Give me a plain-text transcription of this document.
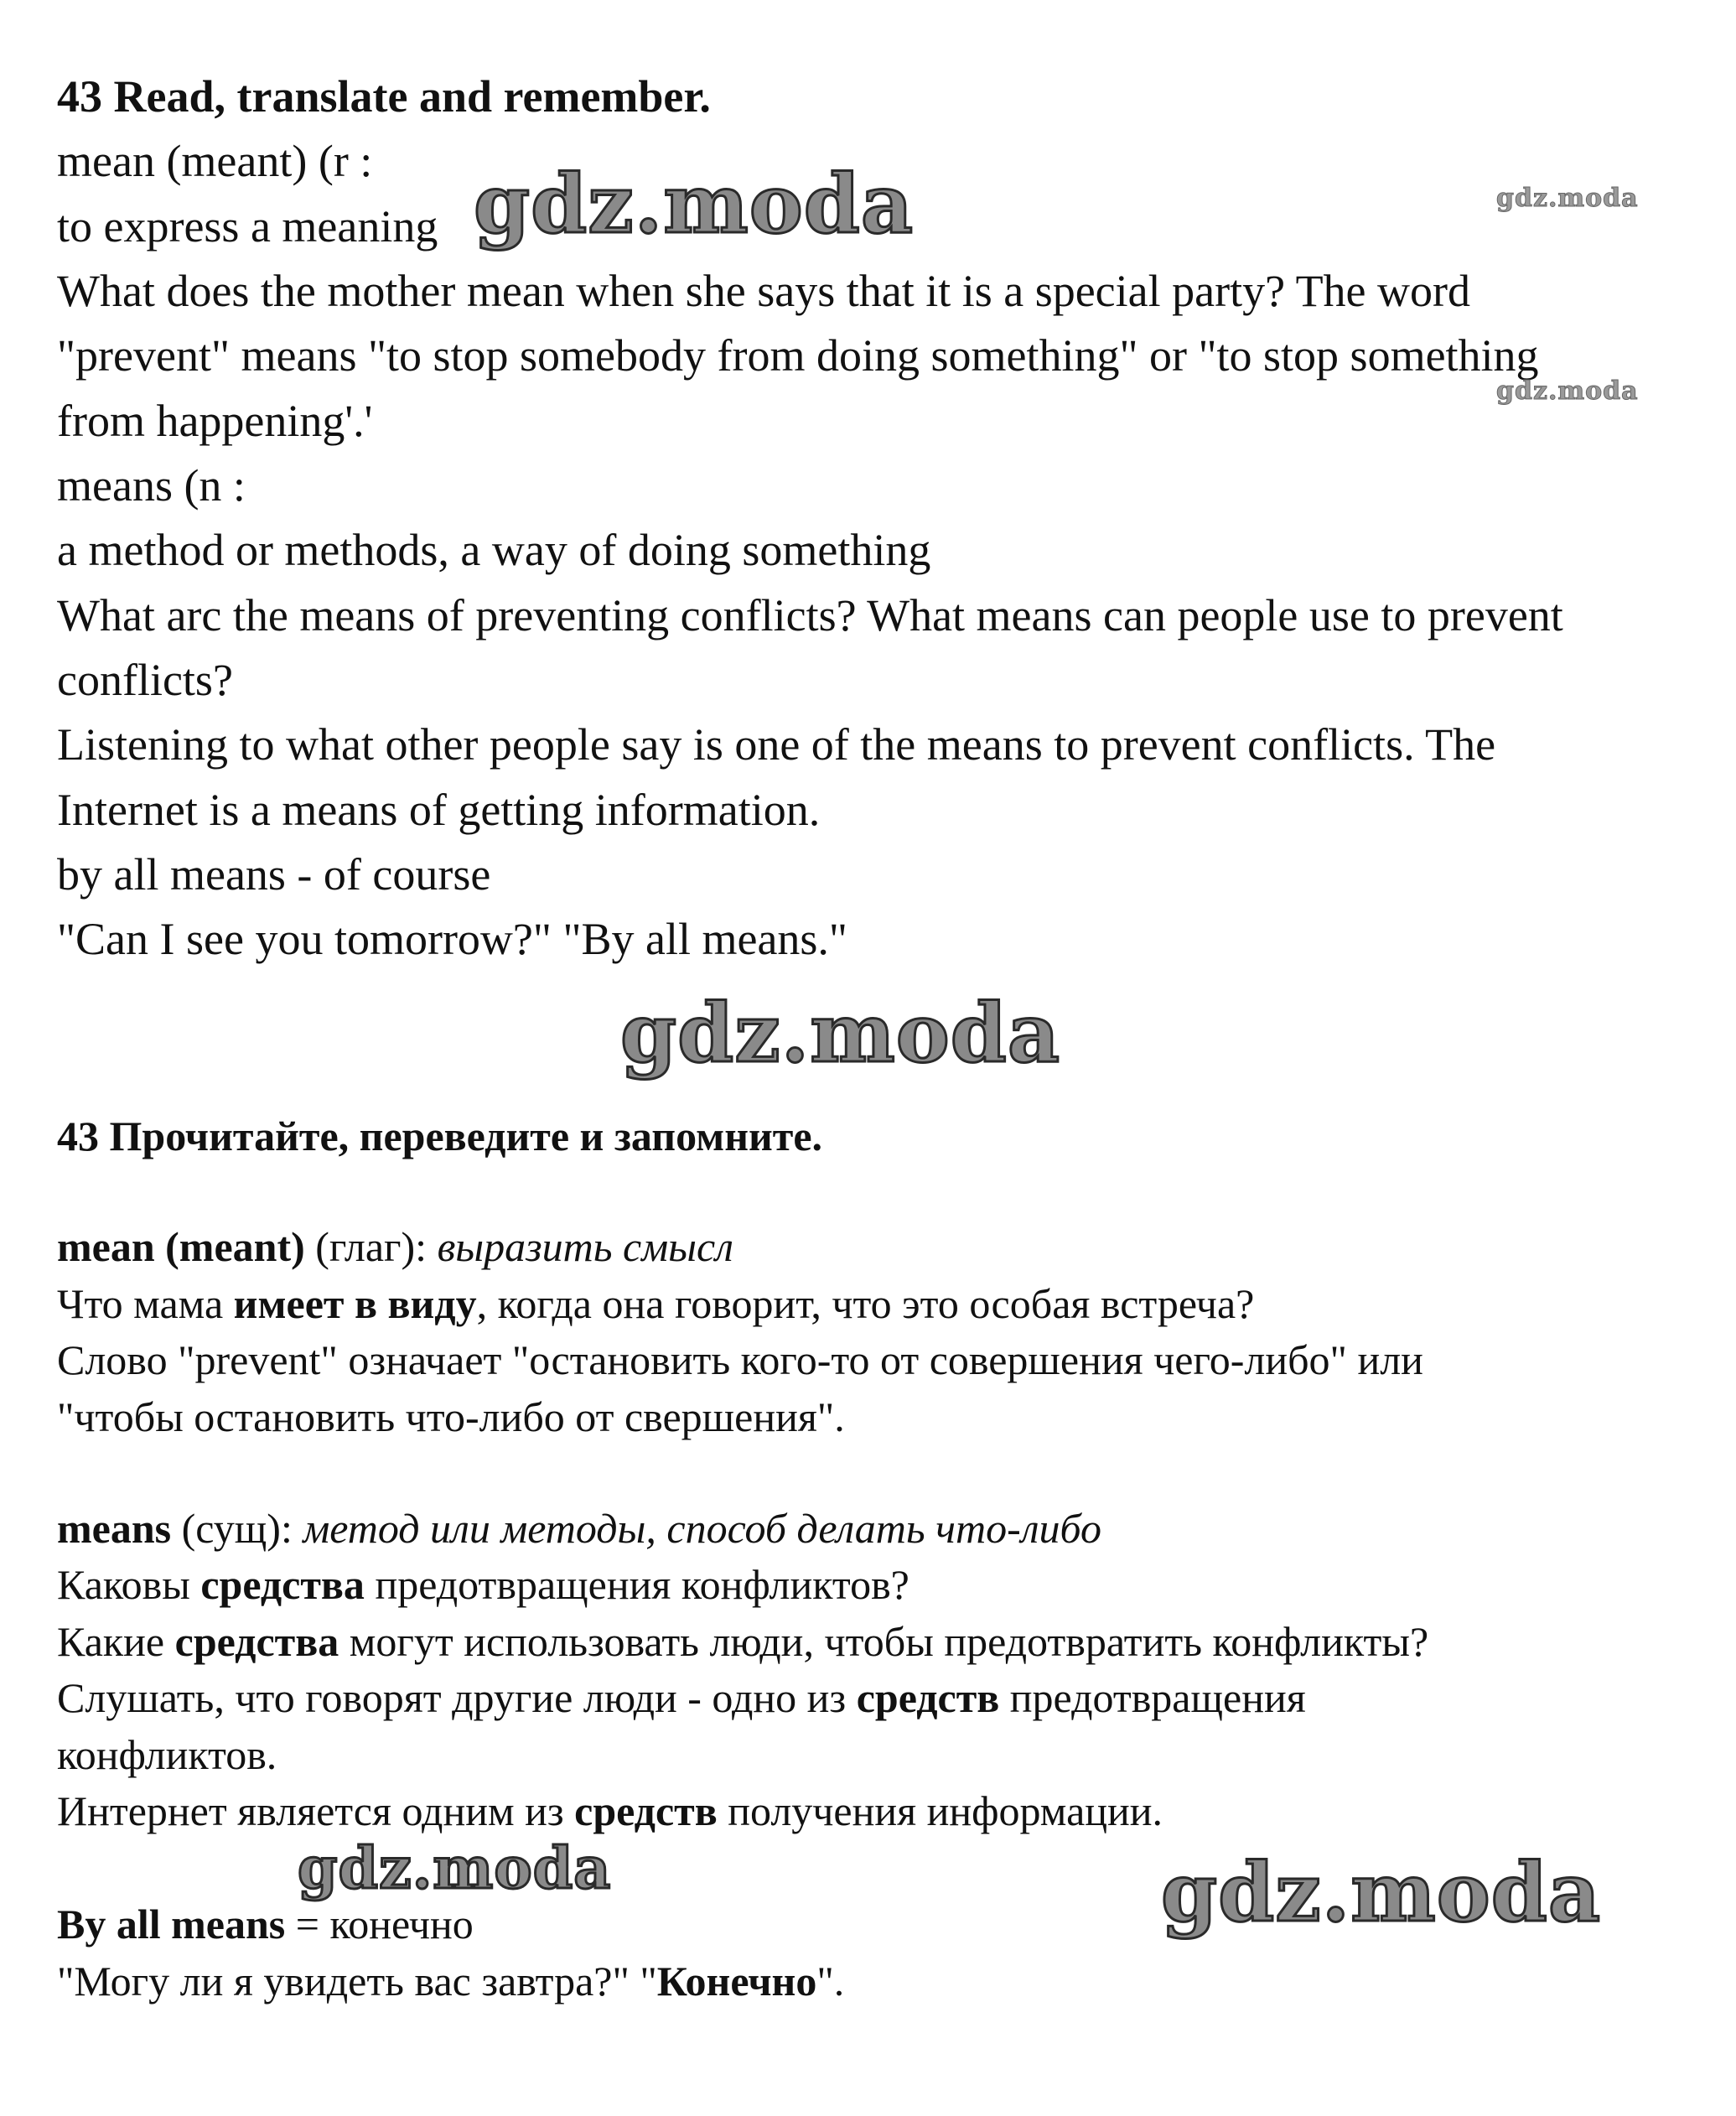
43 Read, translate and remember.
mean (meant) (r :
to express a meaning
What does the mother mean when she says that it is a special party? The word
"prevent" means "to stop somebody from doing something" or "to stop something
from happening'.'
means (n :
a method or methods, a way of doing something
What arc the means of preventing conflicts? What means can people use to prevent
conflicts?
Listening to what other people say is one of the means to prevent conflicts. The
Internet is a means of getting information.
by all means - of course
"Can I see you tomorrow?" "By all means."
43 Прочитайте, переведите и запомните.
mean (meant) (глаг): выразить смысл
Что мама имеет в виду, когда она говорит, что это особая встреча?
Слово "prevent" означает "остановить кого-то от совершения чего-либо" или
"чтобы остановить что-либо от свершения".
means (сущ): метод или методы, способ делать что-либо
Каковы средства предотвращения конфликтов?
Какие средства могут использовать люди, чтобы предотвратить конфликты?
Слушать, что говорят другие люди - одно из средств предотвращения
конфликтов.
Интернет является одним из средств получения информации.
By all means = конечно
"Могу ли я увидеть вас завтра?" "Конечно".
gdz.moda	gdz.moda
gdz.moda
gdz.moda
gdz.moda	gdz.moda
